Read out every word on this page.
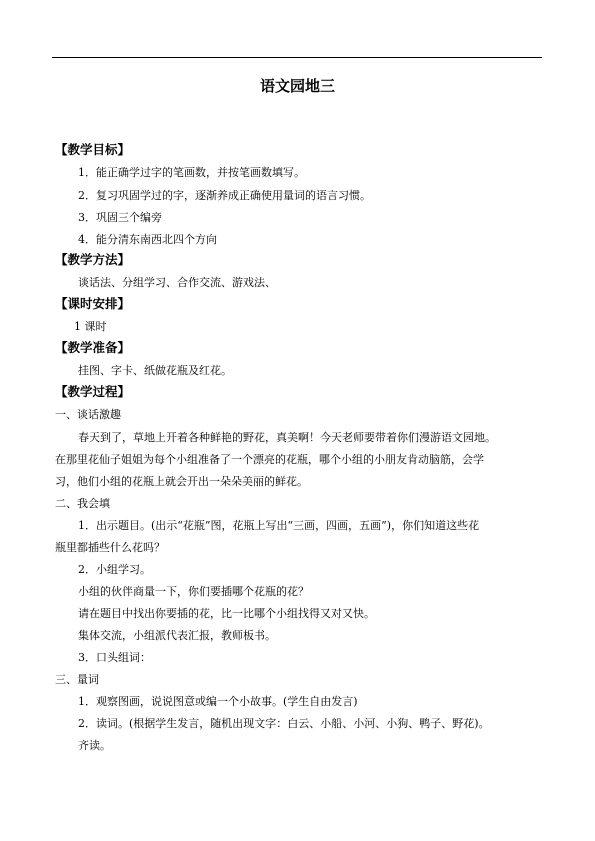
语文园地三
【教学目标】
1．能正确学过字的笔画数，并按笔画数填写。
2．复习巩固学过的字，逐渐养成正确使用量词的语言习惯。
3．巩固三个编旁
4．能分清东南西北四个方向
【教学方法】
谈话法、分组学习、合作交流、游戏法、
【课时安排】
1 课时
【教学准备】
挂图、字卡、纸做花瓶及红花。
【教学过程】
一、谈话激趣
春天到了，草地上开着各种鲜艳的野花，真美啊！今天老师要带着你们漫游语文园地。
在那里花仙子姐姐为每个小组准备了一个漂亮的花瓶，哪个小组的小朋友肯动脑筋，会学
习，他们小组的花瓶上就会开出一朵朵美丽的鲜花。
二、我会填
1．出示题目。(出示“花瓶”图，花瓶上写出“三画，四画，五画”)，你们知道这些花
瓶里都插些什么花吗？
2．小组学习。
小组的伙伴商量一下，你们要插哪个花瓶的花？
请在题目中找出你要插的花，比一比哪个小组找得又对又快。
集体交流，小组派代表汇报，教师板书。
3．口头组词：
三、量词
1．观察图画，说说图意或编一个小故事。(学生自由发言)
2．读词。(根据学生发言，随机出现文字：白云、小船、小河、小狗、鸭子、野花)。
齐读。
